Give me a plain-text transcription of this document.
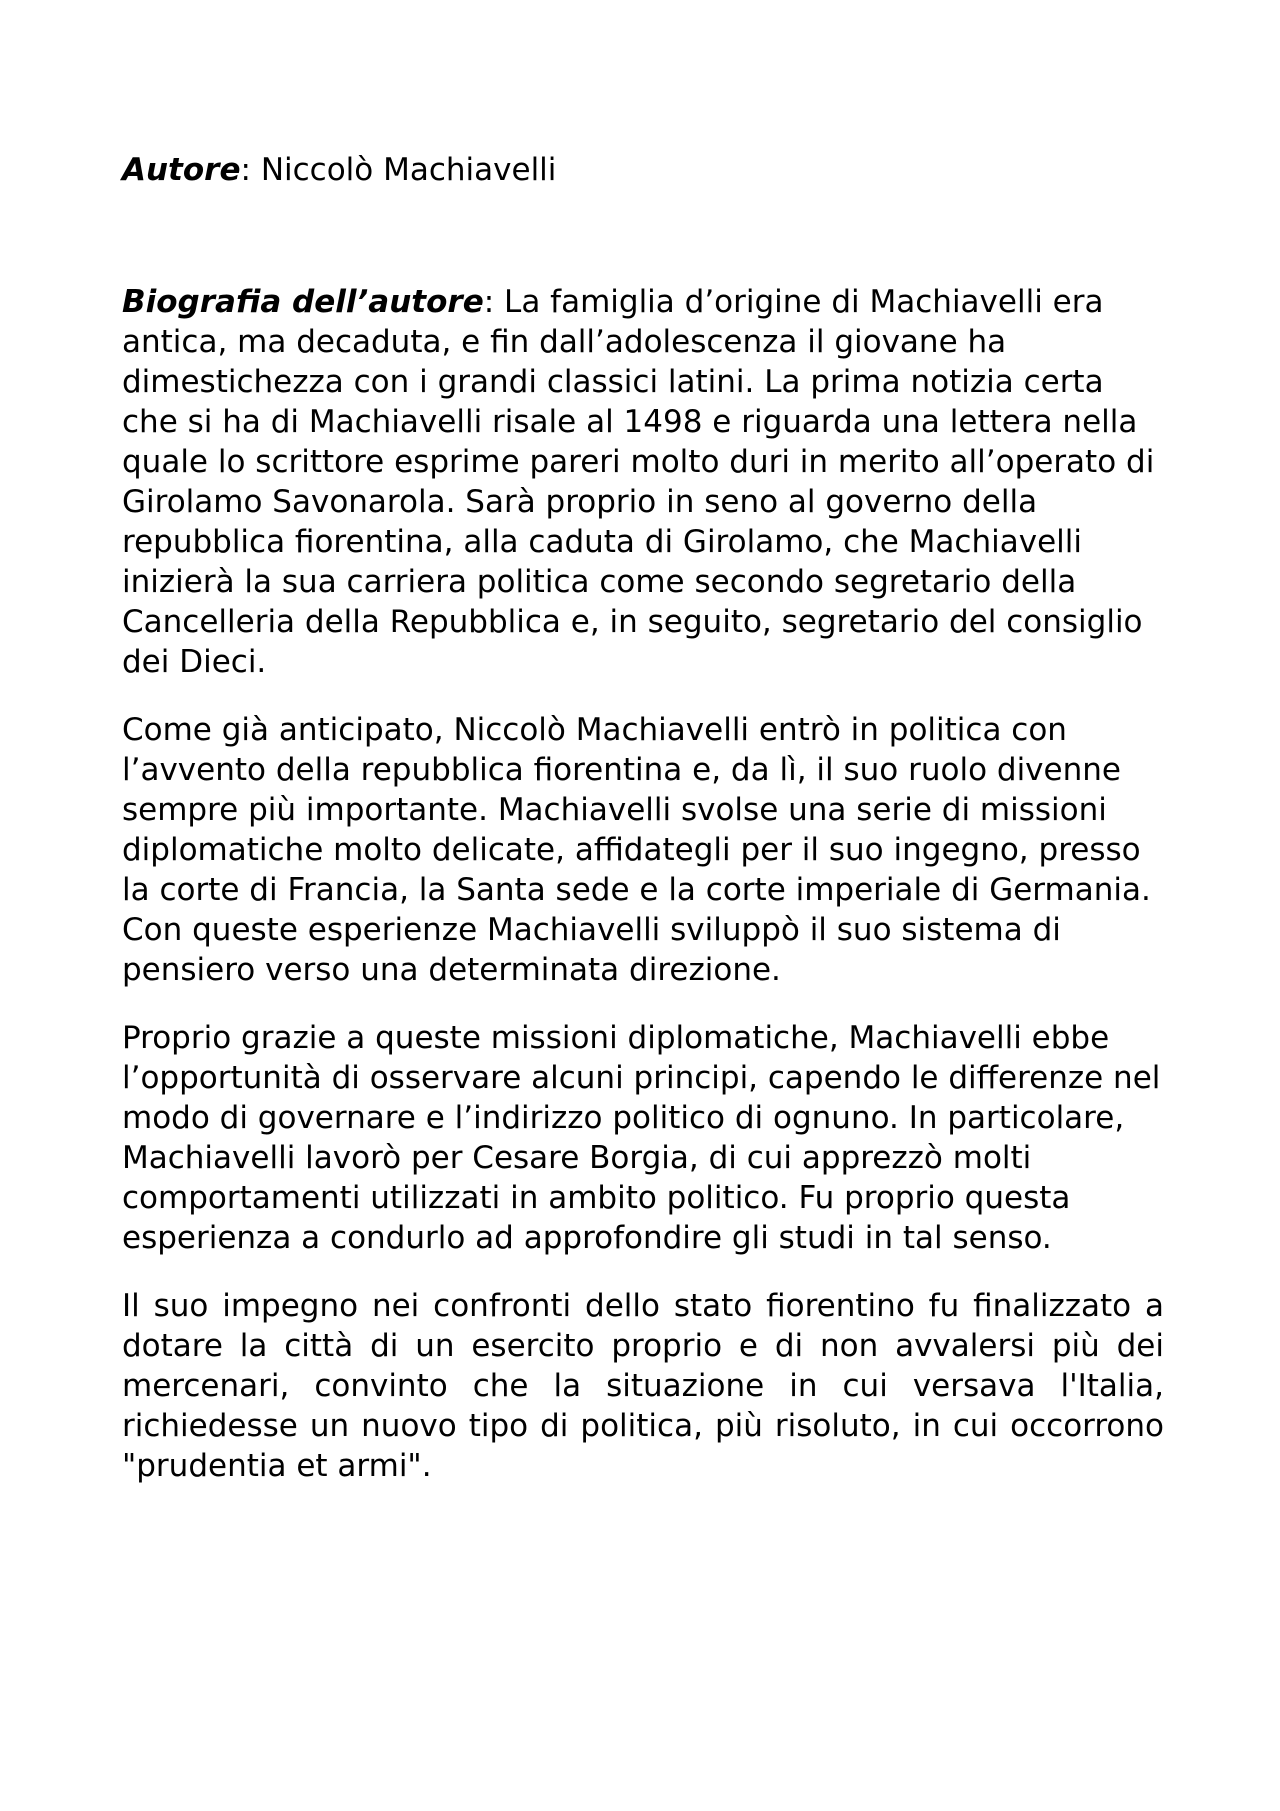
Autore: Niccolò Machiavelli

Biografia dell’autore: La famiglia d’origine di Machiavelli era antica, ma decaduta, e fin dall’adolescenza il giovane ha dimestichezza con i grandi classici latini. La prima notizia certa che si ha di Machiavelli risale al 1498 e riguarda una lettera nella quale lo scrittore esprime pareri molto duri in merito all’operato di Girolamo Savonarola. Sarà proprio in seno al governo della repubblica fiorentina, alla caduta di Girolamo, che Machiavelli inizierà la sua carriera politica come secondo segretario della Cancelleria della Repubblica e, in seguito, segretario del consiglio dei Dieci.

Come già anticipato, Niccolò Machiavelli entrò in politica con l’avvento della repubblica fiorentina e, da lì, il suo ruolo divenne sempre più importante. Machiavelli svolse una serie di missioni diplomatiche molto delicate, affidategli per il suo ingegno, presso la corte di Francia, la Santa sede e la corte imperiale di Germania. Con queste esperienze Machiavelli sviluppò il suo sistema di pensiero verso una determinata direzione.

Proprio grazie a queste missioni diplomatiche, Machiavelli ebbe l’opportunità di osservare alcuni principi, capendo le differenze nel modo di governare e l’indirizzo politico di ognuno. In particolare, Machiavelli lavorò per Cesare Borgia, di cui apprezzò molti comportamenti utilizzati in ambito politico. Fu proprio questa esperienza a condurlo ad approfondire gli studi in tal senso.

Il suo impegno nei confronti dello stato fiorentino fu finalizzato a dotare la città di un esercito proprio e di non avvalersi più dei mercenari, convinto che la situazione in cui versava l'Italia, richiedesse un nuovo tipo di politica, più risoluto, in cui occorrono "prudentia et armi".
